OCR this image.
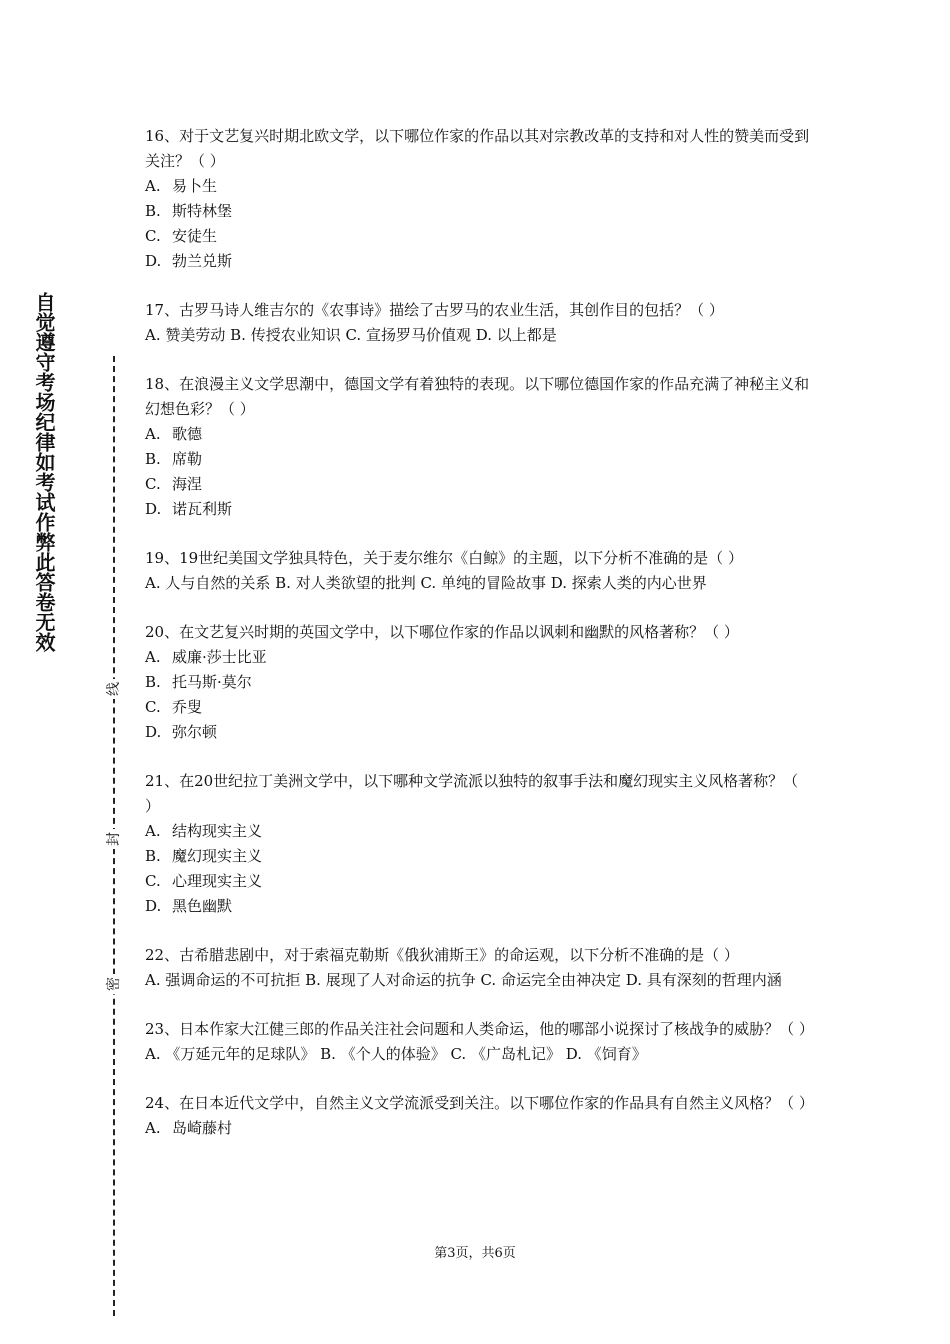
自觉遵守考场纪律如考试作弊此答卷无效
线
封
密

16、对于文艺复兴时期北欧文学，以下哪位作家的作品以其对宗教改革的支持和对人性的赞美而受到关注？（ ）

A. 易卜生

B. 斯特林堡

C. 安徒生

D. 勃兰兑斯

17、古罗马诗人维吉尔的《农事诗》描绘了古罗马的农业生活，其创作目的包括？（ ）

A. 赞美劳动 B. 传授农业知识 C. 宣扬罗马价值观 D. 以上都是

18、在浪漫主义文学思潮中，德国文学有着独特的表现。以下哪位德国作家的作品充满了神秘主义和幻想色彩？（ ）

A. 歌德

B. 席勒

C. 海涅

D. 诺瓦利斯

19、19世纪美国文学独具特色，关于麦尔维尔《白鲸》的主题，以下分析不准确的是（ ）

A. 人与自然的关系 B. 对人类欲望的批判 C. 单纯的冒险故事 D. 探索人类的内心世界

20、在文艺复兴时期的英国文学中，以下哪位作家的作品以讽刺和幽默的风格著称？（ ）

A. 威廉·莎士比亚

B. 托马斯·莫尔

C. 乔叟

D. 弥尔顿

21、在20世纪拉丁美洲文学中，以下哪种文学流派以独特的叙事手法和魔幻现实主义风格著称？（ ）

A. 结构现实主义

B. 魔幻现实主义

C. 心理现实主义

D. 黑色幽默

22、古希腊悲剧中，对于索福克勒斯《俄狄浦斯王》的命运观，以下分析不准确的是（ ）

A. 强调命运的不可抗拒 B. 展现了人对命运的抗争 C. 命运完全由神决定 D. 具有深刻的哲理内涵

23、日本作家大江健三郎的作品关注社会问题和人类命运，他的哪部小说探讨了核战争的威胁？（ ）

A. 《万延元年的足球队》 B. 《个人的体验》 C. 《广岛札记》 D. 《饲育》

24、在日本近代文学中，自然主义文学流派受到关注。以下哪位作家的作品具有自然主义风格？（ ）

A. 岛崎藤村

第3页，共6页
